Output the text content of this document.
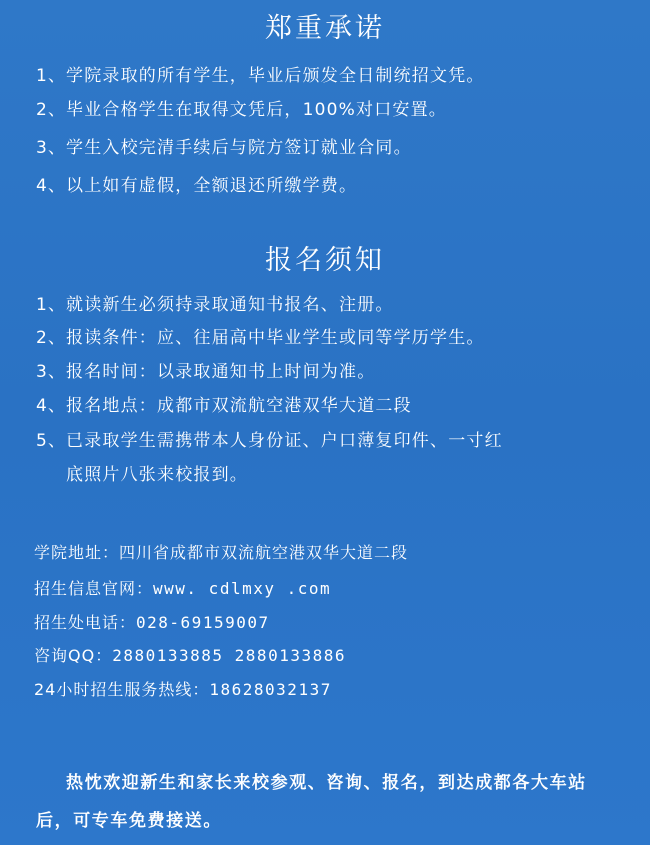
郑重承诺
1、学院录取的所有学生，毕业后颁发全日制统招文凭。
2、毕业合格学生在取得文凭后，100%对口安置。
3、学生入校完清手续后与院方签订就业合同。
4、以上如有虚假，全额退还所缴学费。
报名须知
1、就读新生必须持录取通知书报名、注册。
2、报读条件：应、往届高中毕业学生或同等学历学生。
3、报名时间：以录取通知书上时间为准。
4、报名地点：成都市双流航空港双华大道二段
5、已录取学生需携带本人身份证、户口薄复印件、一寸红
底照片八张来校报到。
学院地址：四川省成都市双流航空港双华大道二段
招生信息官网：www. cdlmxy .com
招生处电话：028-69159007
咨询QQ：2880133885 2880133886
24小时招生服务热线：18628032137
热忱欢迎新生和家长来校参观、咨询、报名，到达成都各大车站后，可专车免费接送。
